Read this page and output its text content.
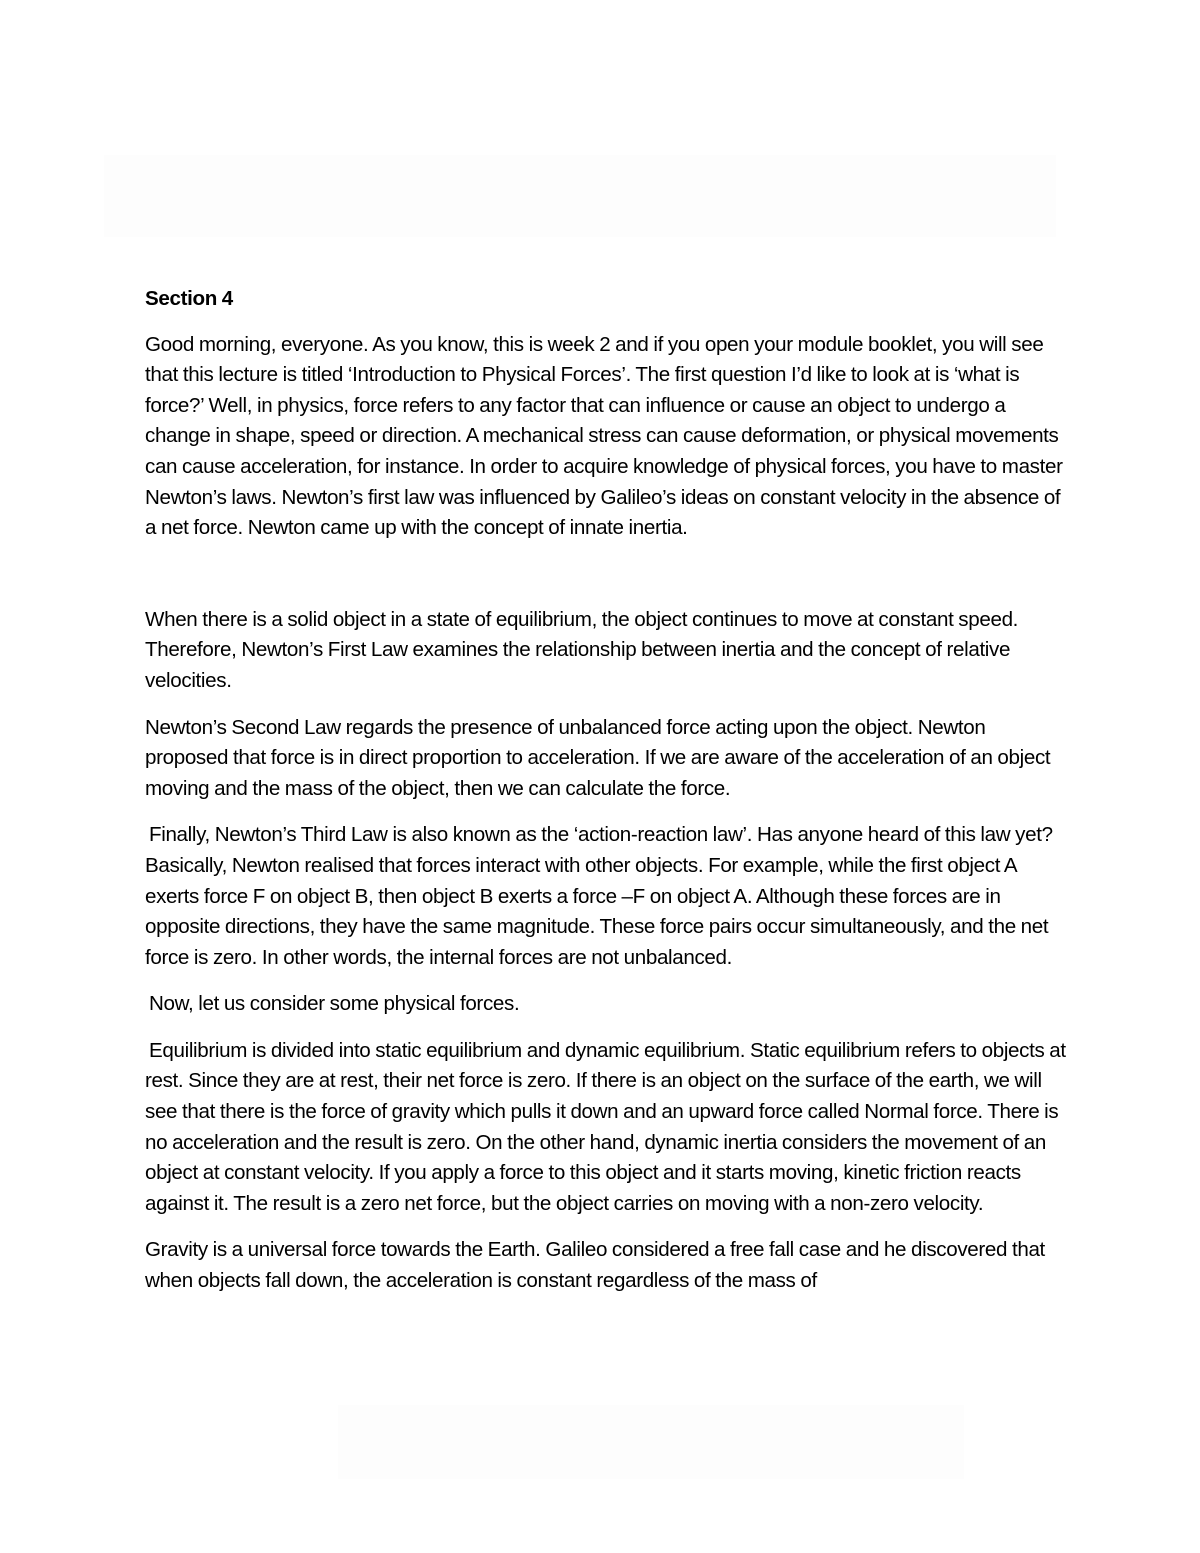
Section 4

Good morning, everyone. As you know, this is week 2 and if you open your module booklet, you will see that this lecture is titled ‘Introduction to Physical Forces’. The first question I’d like to look at is ‘what is force?’ Well, in physics, force refers to any factor that can influence or cause an object to undergo a change in shape, speed or direction. A mechanical stress can cause deformation, or physical movements can cause acceleration, for instance. In order to acquire knowledge of physical forces, you have to master Newton’s laws. Newton’s first law was influenced by Galileo’s ideas on constant velocity in the absence of a net force. Newton came up with the concept of innate inertia.

When there is a solid object in a state of equilibrium, the object continues to move at constant speed. Therefore, Newton’s First Law examines the relationship between inertia and the concept of relative velocities.

Newton’s Second Law regards the presence of unbalanced force acting upon the object. Newton proposed that force is in direct proportion to acceleration. If we are aware of the acceleration of an object moving and the mass of the object, then we can calculate the force.

Finally, Newton’s Third Law is also known as the ‘action-reaction law’. Has anyone heard of this law yet? Basically, Newton realised that forces interact with other objects. For example, while the first object A exerts force F on object B, then object B exerts a force –F on object A. Although these forces are in opposite directions, they have the same magnitude. These force pairs occur simultaneously, and the net force is zero. In other words, the internal forces are not unbalanced.

Now, let us consider some physical forces.

Equilibrium is divided into static equilibrium and dynamic equilibrium. Static equilibrium refers to objects at rest. Since they are at rest, their net force is zero. If there is an object on the surface of the earth, we will see that there is the force of gravity which pulls it down and an upward force called Normal force. There is no acceleration and the result is zero. On the other hand, dynamic inertia considers the movement of an object at constant velocity. If you apply a force to this object and it starts moving, kinetic friction reacts against it. The result is a zero net force, but the object carries on moving with a non-zero velocity.

Gravity is a universal force towards the Earth. Galileo considered a free fall case and he discovered that when objects fall down, the acceleration is constant regardless of the mass of
